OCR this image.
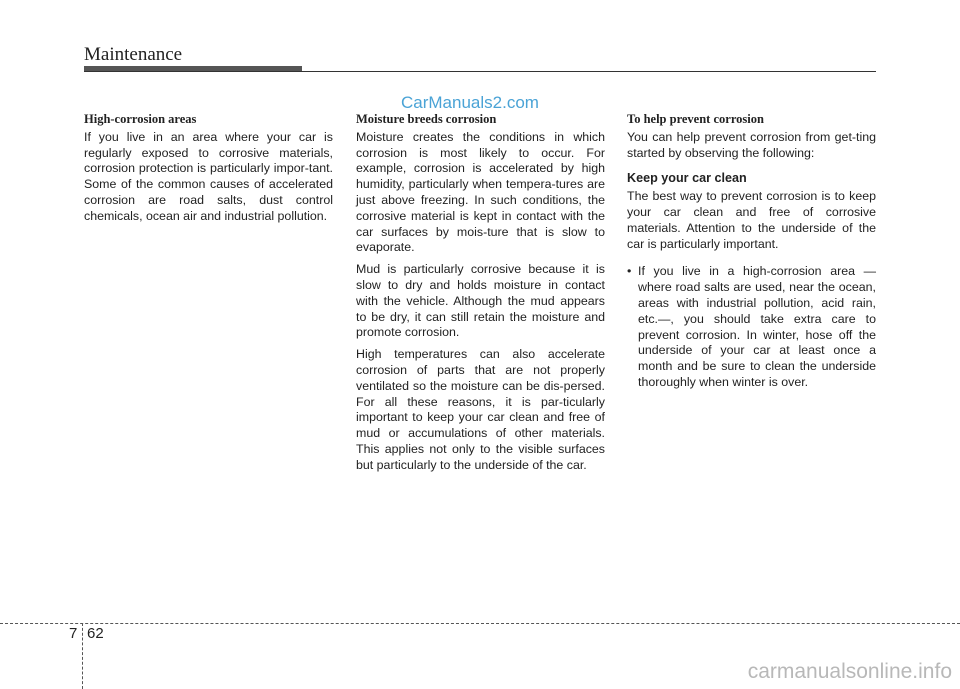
Maintenance
CarManuals2.com
High-corrosion areas

If you live in an area where your car is regularly exposed to corrosive materials, corrosion protection is particularly impor-tant. Some of the common causes of accelerated corrosion are road salts, dust control chemicals, ocean air and industrial pollution.

Moisture breeds corrosion

Moisture creates the conditions in which corrosion is most likely to occur. For example, corrosion is accelerated by high humidity, particularly when tempera-tures are just above freezing. In such conditions, the corrosive material is kept in contact with the car surfaces by mois-ture that is slow to evaporate.

Mud is particularly corrosive because it is slow to dry and holds moisture in contact with the vehicle. Although the mud appears to be dry, it can still retain the moisture and promote corrosion.

High temperatures can also accelerate corrosion of parts that are not properly ventilated so the moisture can be dis-persed. For all these reasons, it is par-ticularly important to keep your car clean and free of mud or accumulations of other materials. This applies not only to the visible surfaces but particularly to the underside of the car.

To help prevent corrosion

You can help prevent corrosion from get-ting started by observing the following:

Keep your car clean

The best way to prevent corrosion is to keep your car clean and free of corrosive materials. Attention to the underside of the car is particularly important.

• If you live in a high-corrosion area — where road salts are used, near the ocean, areas with industrial pollution, acid rain, etc.—, you should take extra care to prevent corrosion. In winter, hose off the underside of your car at least once a month and be sure to clean the underside thoroughly when winter is over.
7 62
carmanualsonline.info
